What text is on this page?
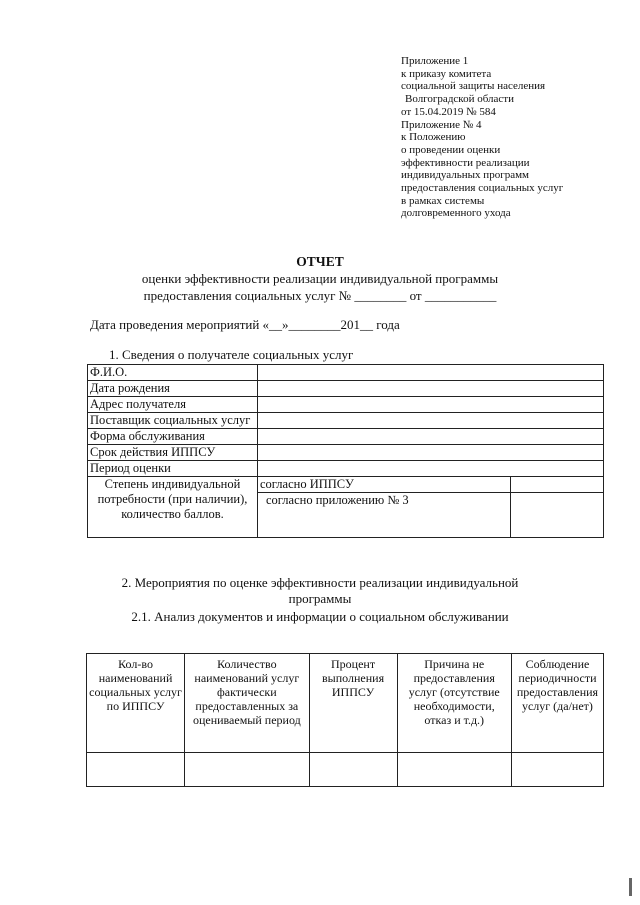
Приложение 1
к приказу комитета
социальной защиты населения
Волгоградской области
от 15.04.2019 № 584
Приложение № 4
к Положению
о проведении оценки
эффективности реализации
индивидуальных программ
предоставления социальных услуг
в рамках системы
долговременного ухода
ОТЧЕТ
оценки эффективности реализации индивидуальной программы
предоставления социальных услуг № ________ от ___________
Дата проведения мероприятий «__»________201__ года
1. Сведения о получателе социальных услуг
Ф.И.О.		
Дата рождения		
Адрес получателя		
Поставщик социальных услуг		
Форма обслуживания		
Срок действия ИППСУ		
Период оценки		
Степень индивидуальной потребности (при наличии), количество баллов.	согласно ИППСУ	
	согласно приложению № 3	
2. Мероприятия по оценке эффективности реализации индивидуальной
программы
2.1. Анализ документов и информации о социальном обслуживании
Кол-во наименований социальных услуг по ИППСУ	Количество наименований услуг фактически предоставленных за оцениваемый период	Процент выполнения ИППСУ	Причина не предоставления услуг (отсутствие необходимости, отказ и т.д.)	Соблюдение периодичности предоставления услуг (да/нет)
